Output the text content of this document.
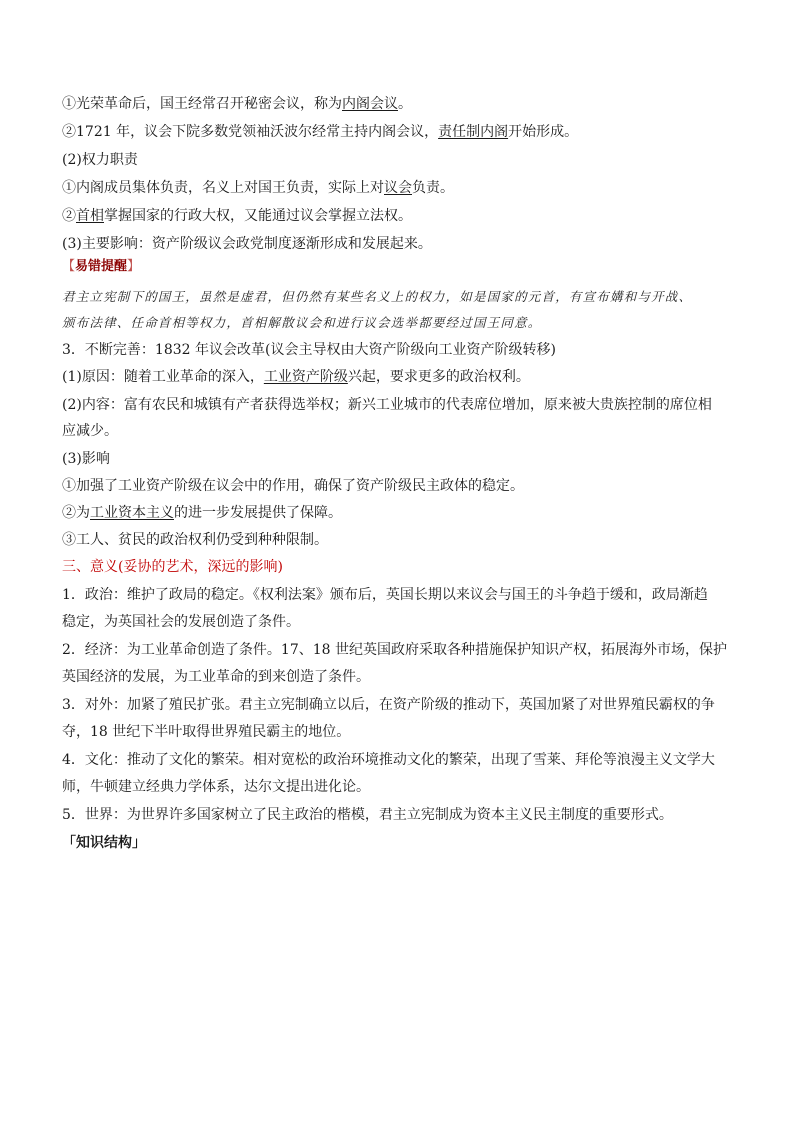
①光荣革命后，国王经常召开秘密会议，称为内阁会议。
②1721 年，议会下院多数党领袖沃波尔经常主持内阁会议，责任制内阁开始形成。
(2)权力职责
①内阁成员集体负责，名义上对国王负责，实际上对议会负责。
②首相掌握国家的行政大权，又能通过议会掌握立法权。
(3)主要影响：资产阶级议会政党制度逐渐形成和发展起来。
【易错提醒】
君主立宪制下的国王，虽然是虚君，但仍然有某些名义上的权力，如是国家的元首，有宣布媾和与开战、
颁布法律、任命首相等权力，首相解散议会和进行议会选举都要经过国王同意。
3．不断完善：1832 年议会改革(议会主导权由大资产阶级向工业资产阶级转移)
(1)原因：随着工业革命的深入，工业资产阶级兴起，要求更多的政治权利。
(2)内容：富有农民和城镇有产者获得选举权；新兴工业城市的代表席位增加，原来被大贵族控制的席位相
应减少。
(3)影响
①加强了工业资产阶级在议会中的作用，确保了资产阶级民主政体的稳定。
②为工业资本主义的进一步发展提供了保障。
③工人、贫民的政治权利仍受到种种限制。
三、意义(妥协的艺术，深远的影响)
1．政治：维护了政局的稳定。《权利法案》颁布后，英国长期以来议会与国王的斗争趋于缓和，政局渐趋
稳定，为英国社会的发展创造了条件。
2．经济：为工业革命创造了条件。17、18 世纪英国政府采取各种措施保护知识产权，拓展海外市场，保护
英国经济的发展，为工业革命的到来创造了条件。
3．对外：加紧了殖民扩张。君主立宪制确立以后，在资产阶级的推动下，英国加紧了对世界殖民霸权的争
夺，18 世纪下半叶取得世界殖民霸主的地位。
4．文化：推动了文化的繁荣。相对宽松的政治环境推动文化的繁荣，出现了雪莱、拜伦等浪漫主义文学大
师，牛顿建立经典力学体系，达尔文提出进化论。
5．世界：为世界许多国家树立了民主政治的楷模，君主立宪制成为资本主义民主制度的重要形式。
「知识结构」
